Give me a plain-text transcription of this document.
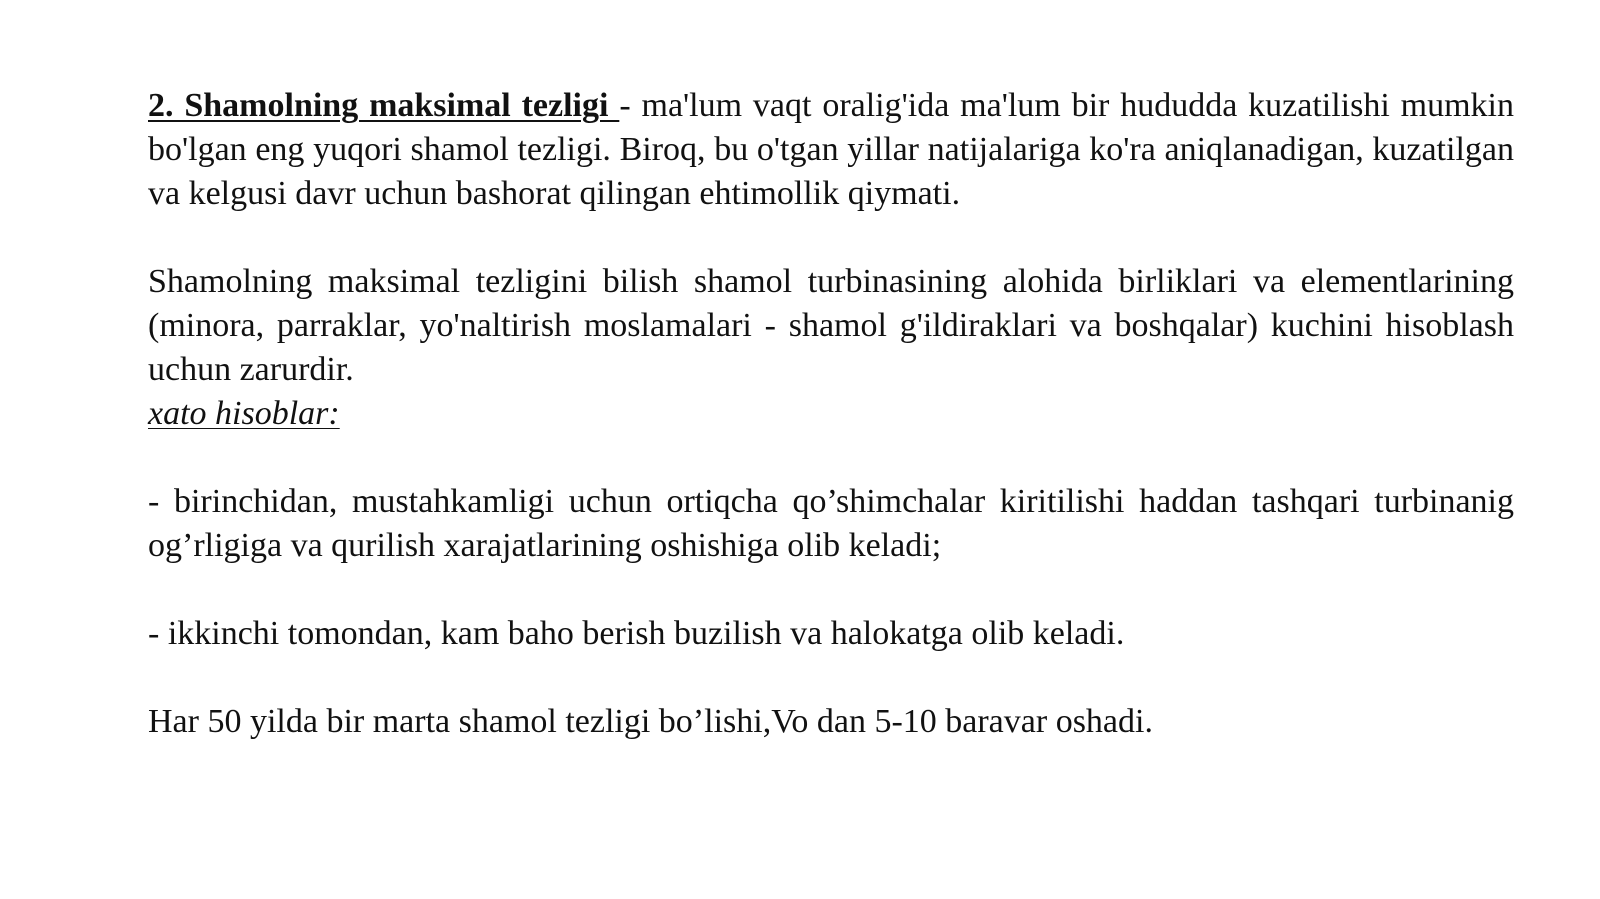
2. Shamolning maksimal tezligi - ma'lum vaqt oralig'ida ma'lum bir hududda kuzatilishi mumkin bo'lgan eng yuqori shamol tezligi. Biroq, bu o'tgan yillar natijalariga ko'ra aniqlanadigan, kuzatilgan va kelgusi davr uchun bashorat qilingan ehtimollik qiymati.

Shamolning maksimal tezligini bilish shamol turbinasining alohida birliklari va elementlarining (minora, parraklar, yo'naltirish moslamalari - shamol g'ildiraklari va boshqalar) kuchini hisoblash uchun zarurdir.

xato hisoblar:

- birinchidan, mustahkamligi uchun ortiqcha qo’shimchalar kiritilishi haddan tashqari turbinanig og’rligiga va qurilish xarajatlarining oshishiga olib keladi;

- ikkinchi tomondan, kam baho berish buzilish va halokatga olib keladi.

Har 50 yilda bir marta shamol tezligi bo’lishi,Vo dan 5-10 baravar oshadi.
